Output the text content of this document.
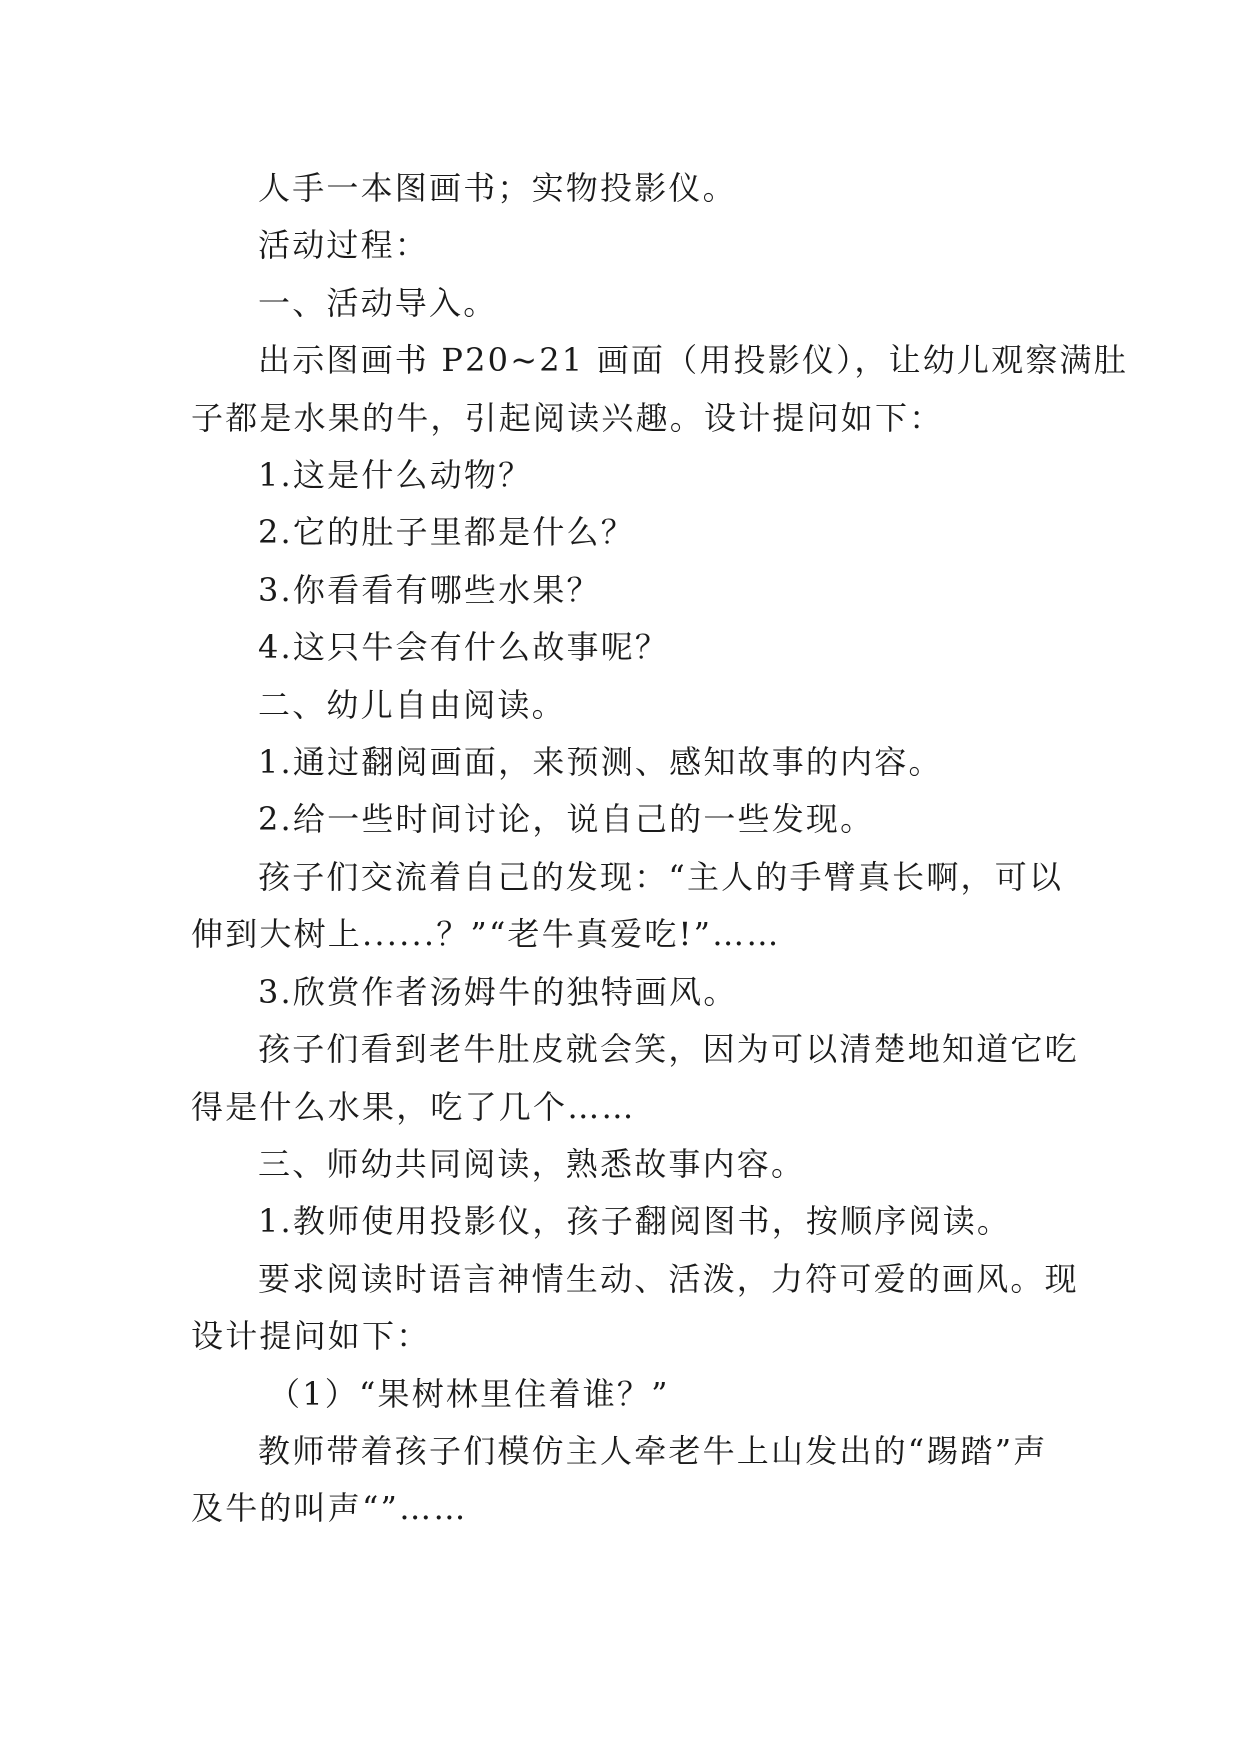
人手一本图画书；实物投影仪。

活动过程：

一、活动导入。

出示图画书 P20~21 画面（用投影仪），让幼儿观察满肚

子都是水果的牛，引起阅读兴趣。设计提问如下：

1.这是什么动物？

2.它的肚子里都是什么？

3.你看看有哪些水果？

4.这只牛会有什么故事呢？

二、幼儿自由阅读。

1.通过翻阅画面，来预测、感知故事的内容。

2.给一些时间讨论，说自己的一些发现。

孩子们交流着自己的发现：“主人的手臂真长啊，可以

伸到大树上......？”“老牛真爱吃!”……

3.欣赏作者汤姆牛的独特画风。

孩子们看到老牛肚皮就会笑，因为可以清楚地知道它吃

得是什么水果，吃了几个……

三、师幼共同阅读，熟悉故事内容。

1.教师使用投影仪，孩子翻阅图书，按顺序阅读。

要求阅读时语言神情生动、活泼，力符可爱的画风。现

设计提问如下：

（1）“果树林里住着谁？”

教师带着孩子们模仿主人牵老牛上山发出的“踢踏”声

及牛的叫声“”……
